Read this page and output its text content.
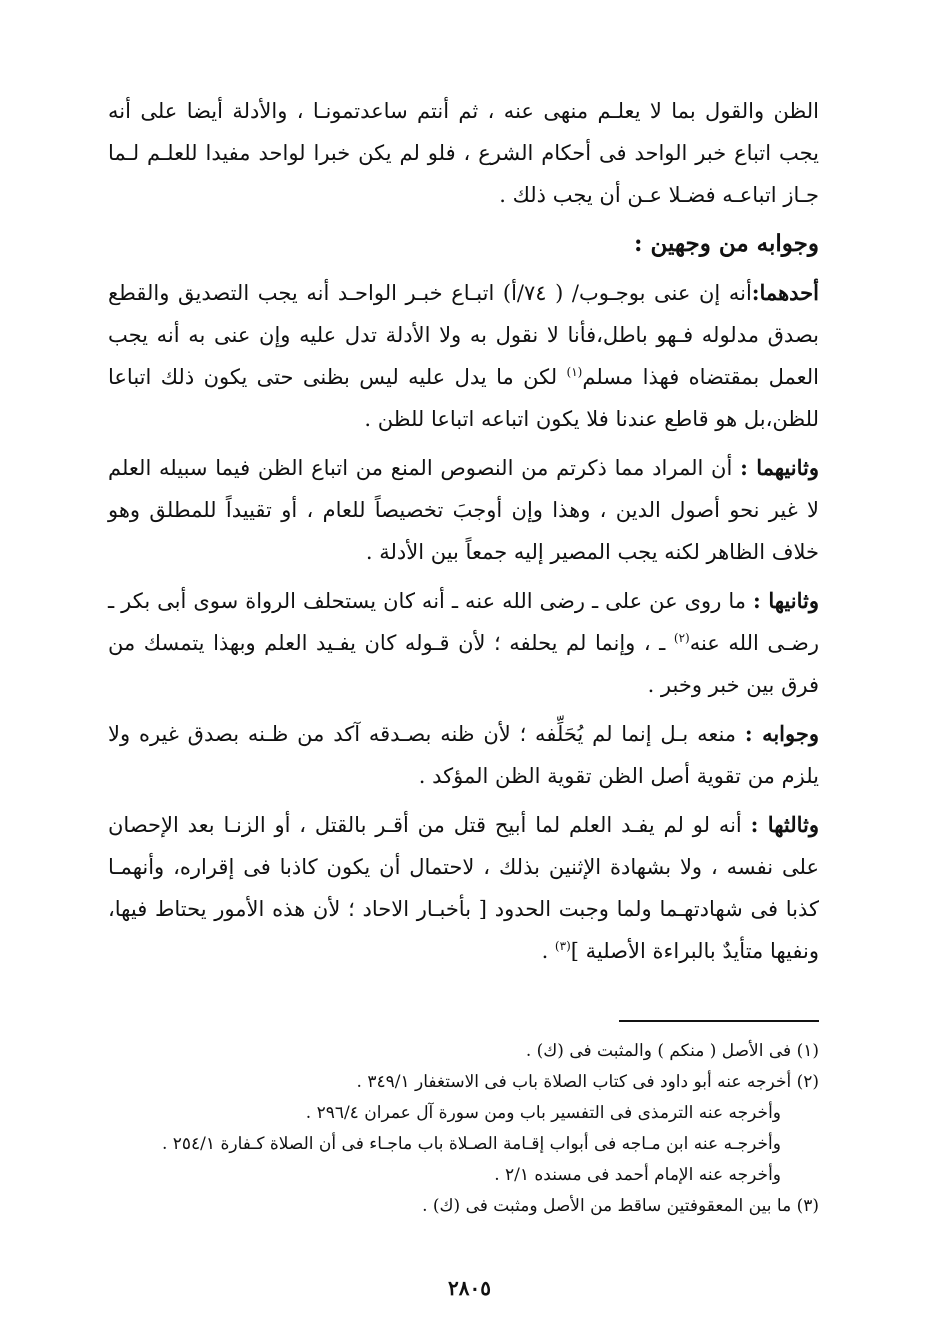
الظن والقول بما لا يعلـم منهى عنه ، ثم أنتم ساعدتمونـا ، والأدلة أيضا على أنه يجب اتباع خبر الواحد فى أحكام الشرع ، فلو لم يكن خبرا لواحد مفيدا للعلـم لـما جـاز اتباعـه فضـلا عـن أن يجب ذلك .

وجوابه من وجهين :

أحدهما:أنه إن عنى بوجـوب/ ( ٧٤/أ) اتبـاع خبـر الواحـد أنه يجب التصديق والقطع بصدق مدلوله فـهو باطل،فأنا لا نقول به ولا الأدلة تدل عليه وإن عنى به أنه يجب العمل بمقتضاه فهذا مسلم$^{(١)}$ لكن ما يدل عليه ليس بظنى حتى يكون ذلك اتباعا للظن،بل هو قاطع عندنا فلا يكون اتباعه اتباعا للظن .

وثانيهما : أن المراد مما ذكرتم من النصوص المنع من اتباع الظن فيما سبيله العلم لا غير نحو أصول الدين ، وهذا وإن أوجبَ تخصيصاً للعام ، أو تقييداً للمطلق وهو خلاف الظاهر لكنه يجب المصير إليه جمعاً بين الأدلة .

وثانيها : ما روى عن على ـ رضى الله عنه ـ أنه كان يستحلف الرواة سوى أبى بكر ـ رضـى الله عنه$^{(٢)}$ ـ ، وإنما لم يحلفه ؛ لأن قـوله كان يفـيد العلم وبهذا يتمسك من فرق بين خبر وخبر .

وجوابه : منعه بـل إنما لم يُحَلِّفه ؛ لأن ظنه بصـدقه آكد من ظـنه بصدق غيره ولا يلزم من تقوية أصل الظن تقوية الظن المؤكد .

وثالثها : أنه لو لم يفـد العلم لما أبيح قتل من أقـر بالقتل ، أو الزنـا بعد الإحصان على نفسه ، ولا بشهادة الإثنين بذلك ، لاحتمال أن يكون كاذبا فى إقراره، وأنهمـا كذبا فى شهادتهـما ولما وجبت الحدود [ بأخبـار الاحاد ؛ لأن هذه الأمور يحتاط فيها، ونفيها متأيدٌ بالبراءة الأصلية ]$^{(٣)}$ .

(١) فى الأصل ( منكم ) والمثبت فى (ك) .

(٢) أخرجه عنه أبو داود فى كتاب الصلاة باب فى الاستغفار ٣٤٩/١ .

وأخرجه عنه الترمذى فى التفسير باب ومن سورة آل عمران ٢٩٦/٤ .

وأخرجـه عنه ابن مـاجه فى أبواب إقـامة الصـلاة باب ماجـاء فى أن الصلاة كـفارة ٢٥٤/١ .

وأخرجه عنه الإمام أحمد فى مسنده ٢/١ .

(٣) ما بين المعقوفتين ساقط من الأصل ومثبت فى (ك) .

٢٨٠٥
